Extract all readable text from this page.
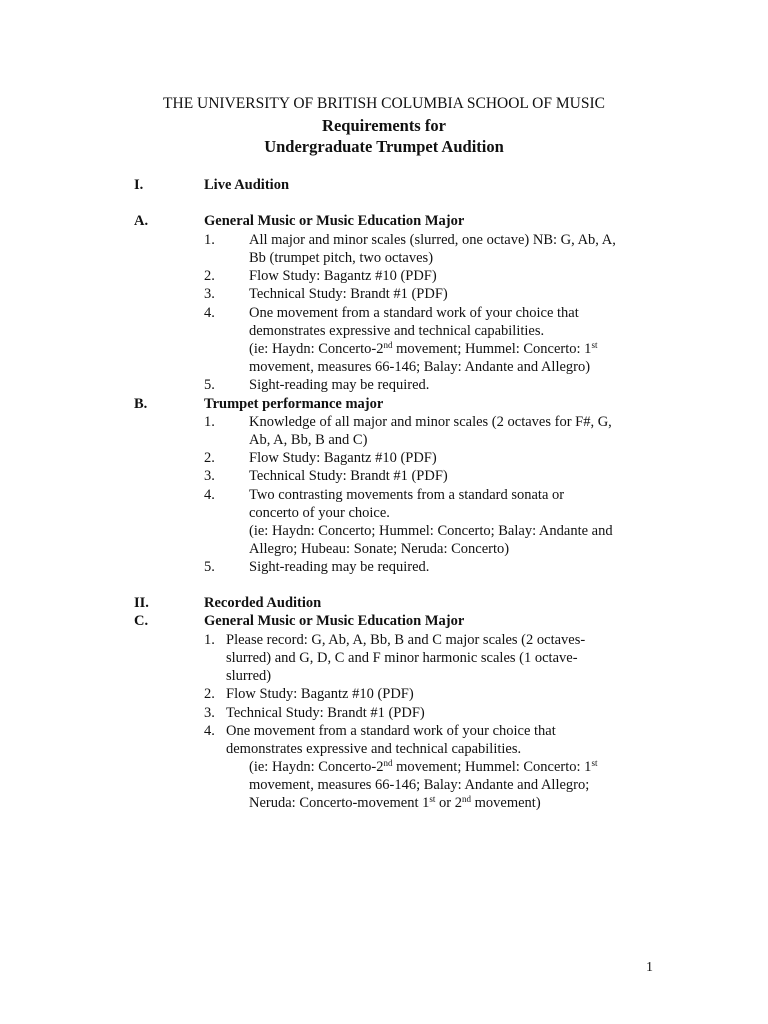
THE UNIVERSITY OF BRITISH COLUMBIA SCHOOL OF MUSIC
Requirements for
Undergraduate Trumpet Audition
I.	Live Audition
A.	General Music or Music Education Major
1. All major and minor scales (slurred, one octave) NB: G, Ab, A,
Bb (trumpet pitch, two octaves)
2. Flow Study: Bagantz #10 (PDF)
3. Technical Study: Brandt #1 (PDF)
4. One movement from a standard work of your choice that
demonstrates expressive and technical capabilities.
(ie: Haydn: Concerto-2nd movement; Hummel: Concerto: 1st
movement, measures 66-146; Balay: Andante and Allegro)
5. Sight-reading may be required.
B.	Trumpet performance major
1. Knowledge of all major and minor scales (2 octaves for F#, G,
Ab, A, Bb, B and C)
2. Flow Study: Bagantz #10 (PDF)
3. Technical Study: Brandt #1 (PDF)
4. Two contrasting movements from a standard sonata or
concerto of your choice.
(ie: Haydn: Concerto; Hummel: Concerto; Balay: Andante and
Allegro; Hubeau: Sonate; Neruda: Concerto)
5. Sight-reading may be required.
II.	Recorded Audition
C.	General Music or Music Education Major
1. Please record: G, Ab, A, Bb, B and C major scales (2 octaves-
slurred) and G, D, C and F minor harmonic scales (1 octave-
slurred)
2. Flow Study: Bagantz #10 (PDF)
3. Technical Study: Brandt #1 (PDF)
4. One movement from a standard work of your choice that
demonstrates expressive and technical capabilities.
(ie: Haydn: Concerto-2nd movement; Hummel: Concerto: 1st
movement, measures 66-146; Balay: Andante and Allegro;
Neruda: Concerto-movement 1st or 2nd movement)
1
